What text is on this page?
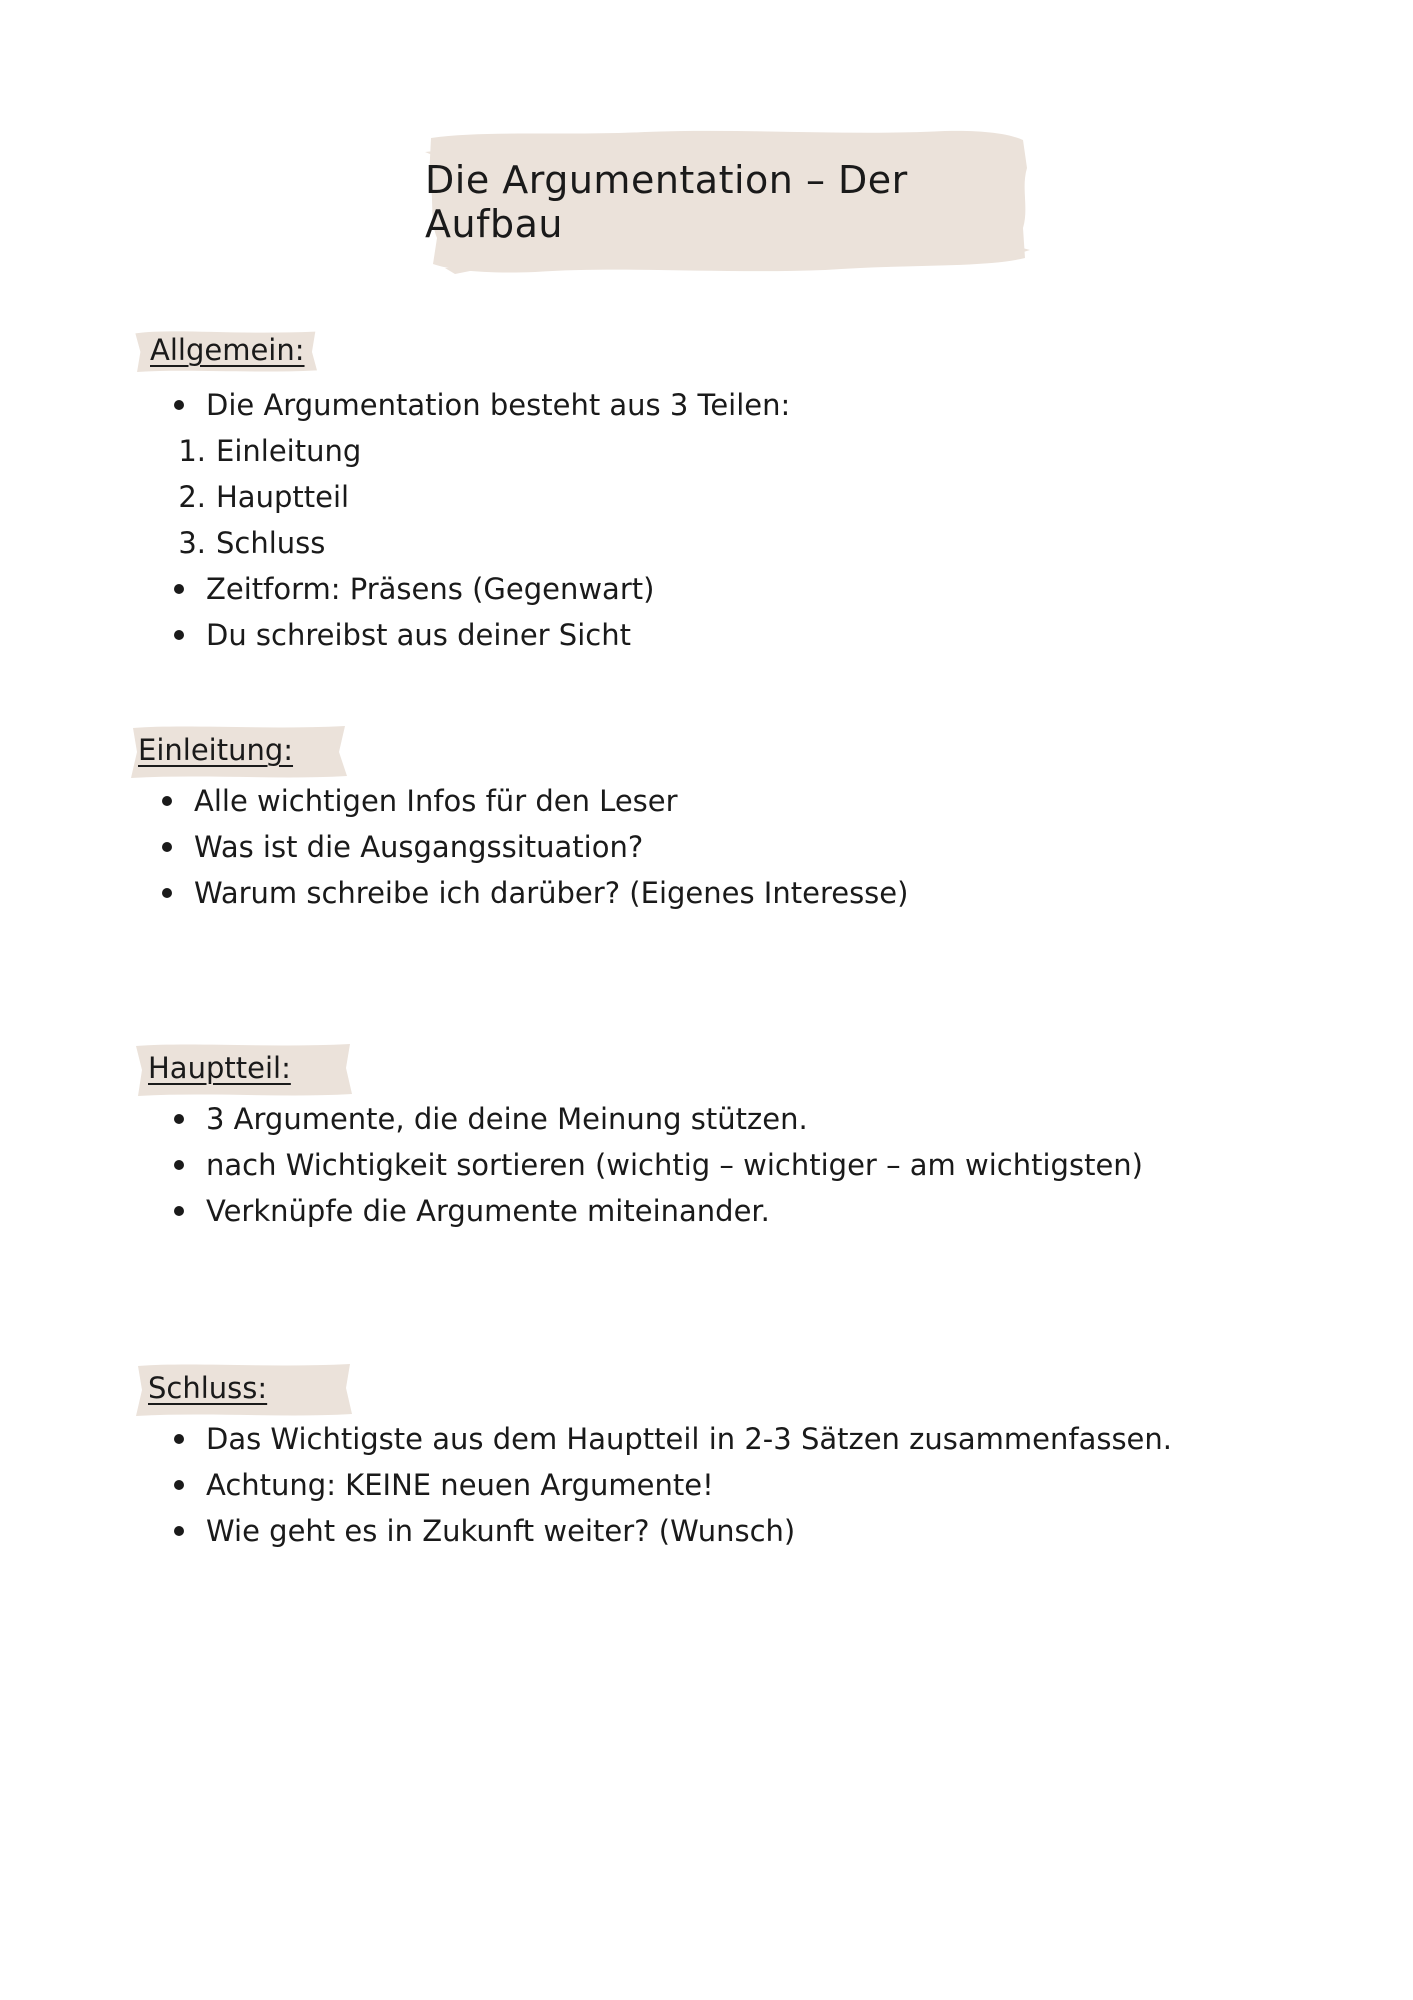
Die Argumentation – Der Aufbau
Allgemein:
Die Argumentation besteht aus 3 Teilen:
1. Einleitung
2. Hauptteil
3. Schluss
Zeitform: Präsens (Gegenwart)
Du schreibst aus deiner Sicht
Einleitung:
Alle wichtigen Infos für den Leser
Was ist die Ausgangssituation?
Warum schreibe ich darüber? (Eigenes Interesse)
Hauptteil:
3 Argumente, die deine Meinung stützen.
nach Wichtigkeit sortieren (wichtig – wichtiger – am wichtigsten)
Verknüpfe die Argumente miteinander.
Schluss:
Das Wichtigste aus dem Hauptteil in 2-3 Sätzen zusammenfassen.
Achtung: KEINE neuen Argumente!
Wie geht es in Zukunft weiter? (Wunsch)
